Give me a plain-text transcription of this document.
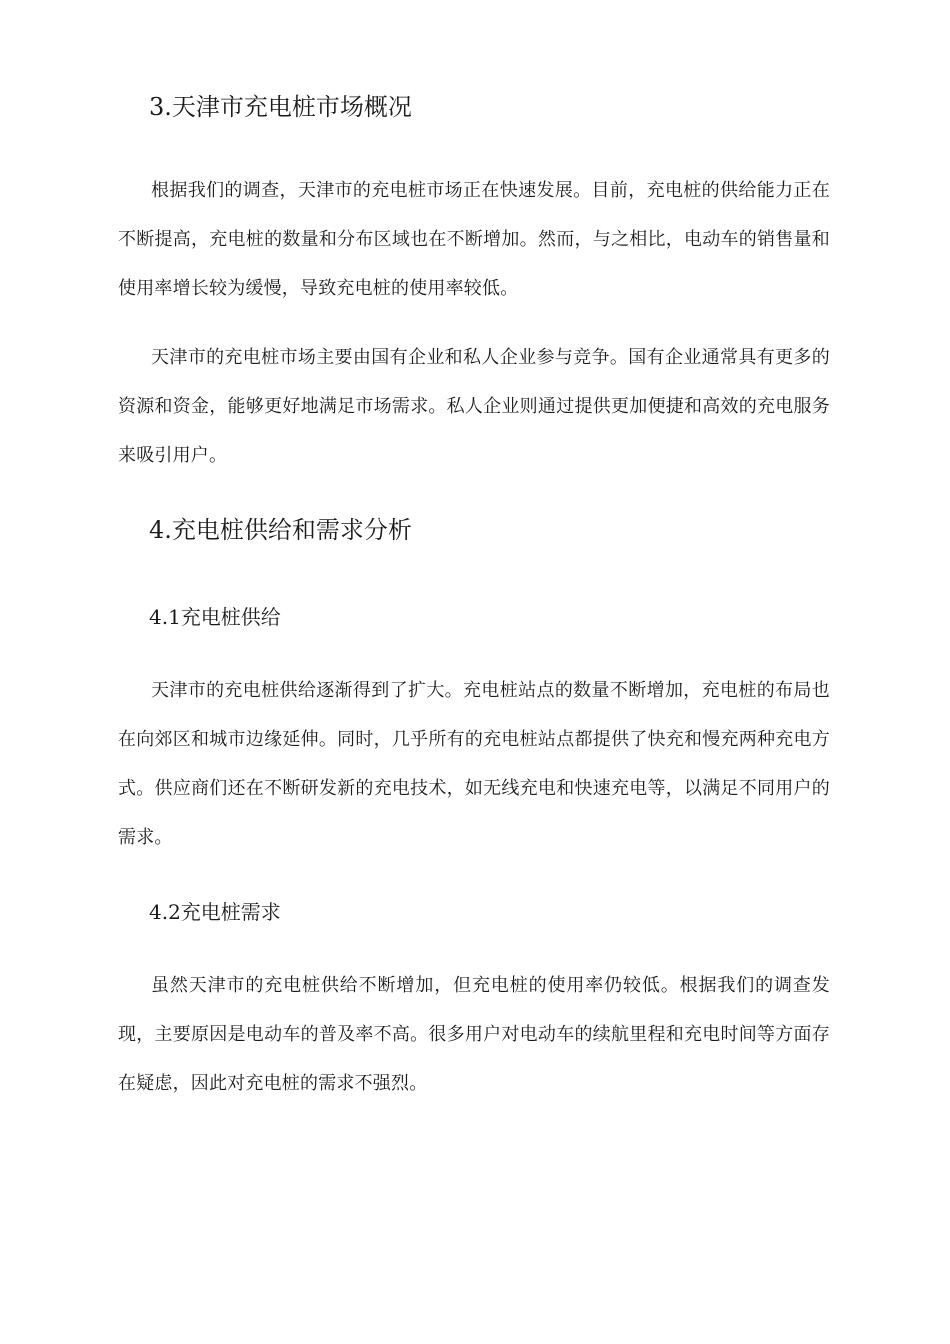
3.天津市充电桩市场概况

根据我们的调查，天津市的充电桩市场正在快速发展。目前，充电桩的供给能力正在不断提高，充电桩的数量和分布区域也在不断增加。然而，与之相比，电动车的销售量和使用率增长较为缓慢，导致充电桩的使用率较低。

天津市的充电桩市场主要由国有企业和私人企业参与竞争。国有企业通常具有更多的资源和资金，能够更好地满足市场需求。私人企业则通过提供更加便捷和高效的充电服务来吸引用户。

4.充电桩供给和需求分析
4.1充电桩供给

天津市的充电桩供给逐渐得到了扩大。充电桩站点的数量不断增加，充电桩的布局也在向郊区和城市边缘延伸。同时，几乎所有的充电桩站点都提供了快充和慢充两种充电方式。供应商们还在不断研发新的充电技术，如无线充电和快速充电等，以满足不同用户的需求。

4.2充电桩需求

虽然天津市的充电桩供给不断增加，但充电桩的使用率仍较低。根据我们的调查发现，主要原因是电动车的普及率不高。很多用户对电动车的续航里程和充电时间等方面存在疑虑，因此对充电桩的需求不强烈。
